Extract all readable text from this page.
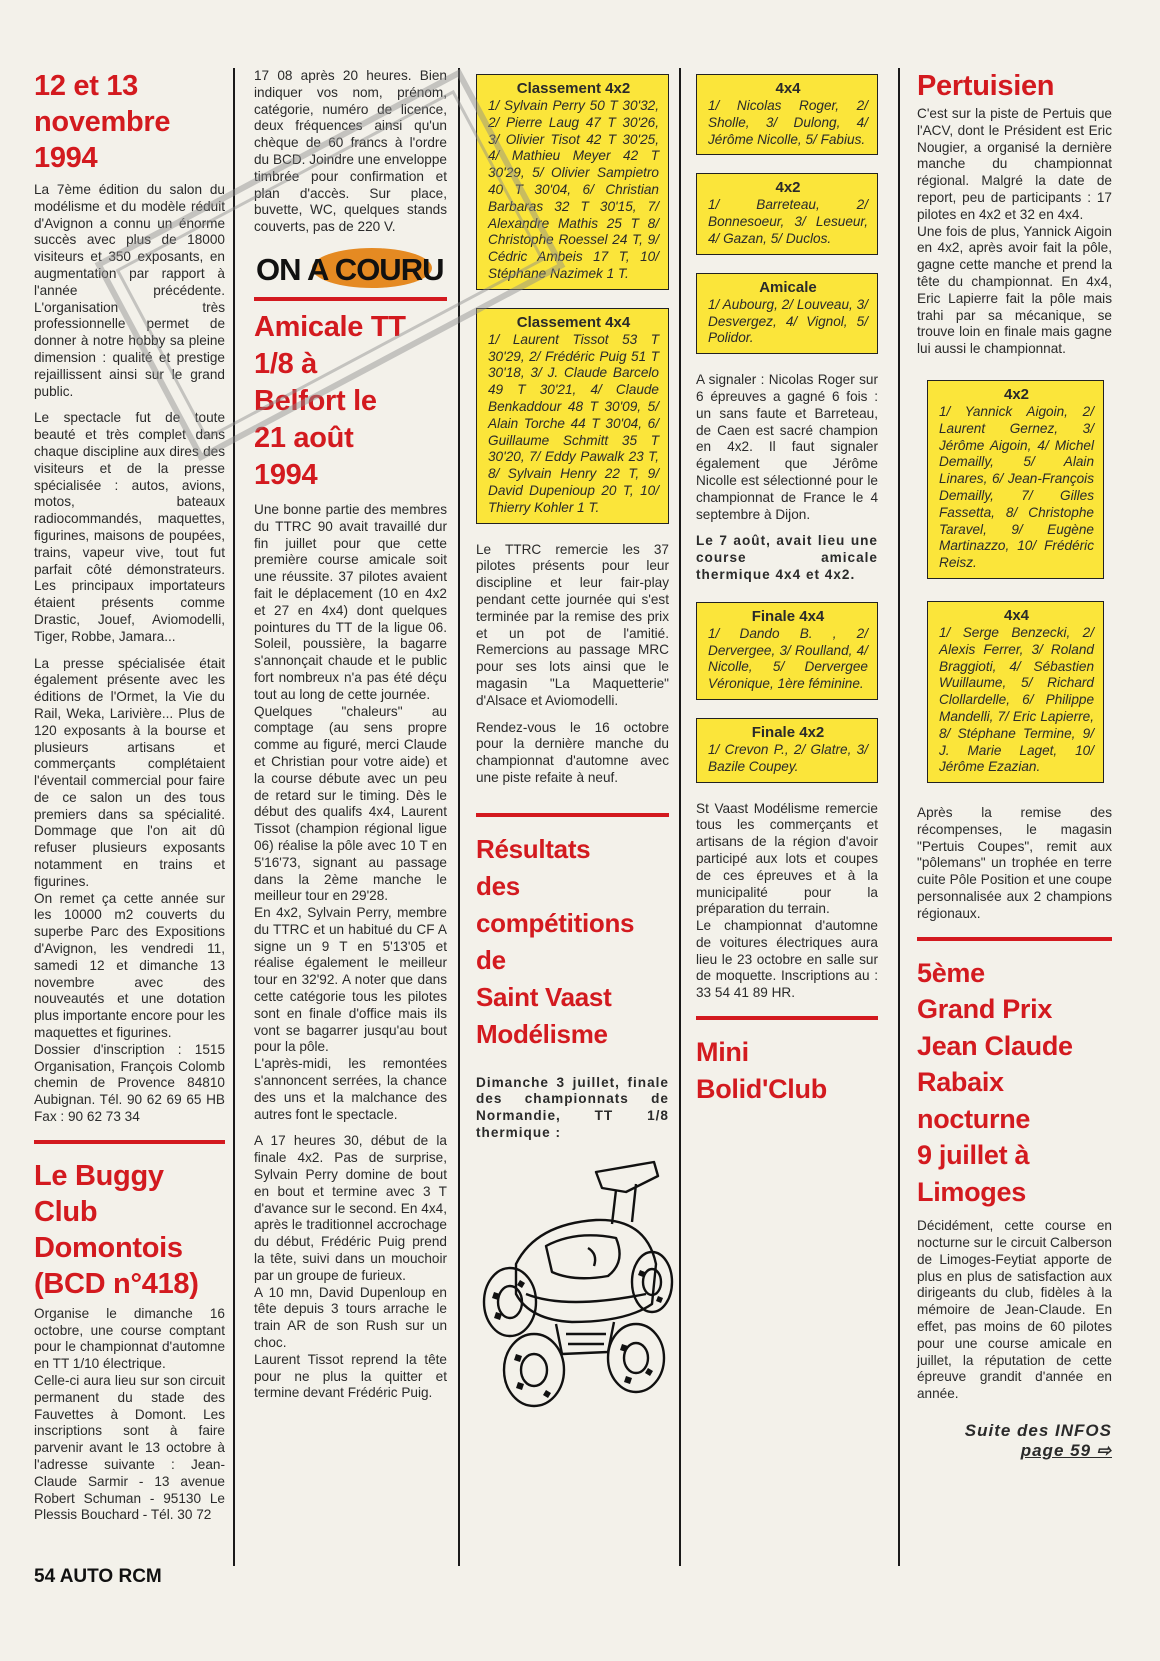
12 et 13
novembre
1994

La 7ème édition du salon du modélisme et du modèle réduit d'Avignon a connu un énorme succès avec plus de 18000 visiteurs et 350 exposants, en augmentation par rapport à l'année précédente. L'organisation très professionnelle permet de donner à notre hobby sa pleine dimension : qualité et prestige rejaillissent ainsi sur le grand public.

Le spectacle fut de toute beauté et très complet dans chaque discipline aux dires des visiteurs et de la presse spécialisée : autos, avions, motos, bateaux radiocommandés, maquettes, figurines, maisons de poupées, trains, vapeur vive, tout fut parfait côté démonstrateurs. Les principaux importateurs étaient présents comme Drastic, Jouef, Aviomodelli, Tiger, Robbe, Jamara...

La presse spécialisée était également présente avec les éditions de l'Ormet, la Vie du Rail, Weka, Larivière... Plus de 120 exposants à la bourse et plusieurs artisans et commerçants complétaient l'éventail commercial pour faire de ce salon un des tous premiers dans sa spécialité. Dommage que l'on ait dû refuser plusieurs exposants notamment en trains et figurines.

On remet ça cette année sur les 10000 m2 couverts du superbe Parc des Expositions d'Avignon, les vendredi 11, samedi 12 et dimanche 13 novembre avec des nouveautés et une dotation plus importante encore pour les maquettes et figurines.

Dossier d'inscription : 1515 Organisation, François Colomb chemin de Provence 84810 Aubignan. Tél. 90 62 69 65 HB Fax : 90 62 73 34

Le Buggy
Club
Domontois
(BCD n°418)

Organise le dimanche 16 octobre, une course comptant pour le championnat d'automne en TT 1/10 électrique.

Celle-ci aura lieu sur son circuit permanent du stade des Fauvettes à Domont. Les inscriptions sont à faire parvenir avant le 13 octobre à l'adresse suivante : Jean-Claude Sarmir - 13 avenue Robert Schuman - 95130 Le Plessis Bouchard - Tél. 30 72

17 08 après 20 heures. Bien indiquer vos nom, prénom, catégorie, numéro de licence, deux fréquences ainsi qu'un chèque de 60 francs à l'ordre du BCD. Joindre une enveloppe timbrée pour confirmation et plan d'accès. Sur place, buvette, WC, quelques stands couverts, pas de 220 V.

ON A COURU
Amicale TT
1/8 à
Belfort le
21 août
1994

Une bonne partie des membres du TTRC 90 avait travaillé dur fin juillet pour que cette première course amicale soit une réussite. 37 pilotes avaient fait le déplacement (10 en 4x2 et 27 en 4x4) dont quelques pointures du TT de la ligue 06. Soleil, poussière, la bagarre s'annonçait chaude et le public fort nombreux n'a pas été déçu tout au long de cette journée.

Quelques "chaleurs" au comptage (au sens propre comme au figuré, merci Claude et Christian pour votre aide) et la course débute avec un peu de retard sur le timing. Dès le début des qualifs 4x4, Laurent Tissot (champion régional ligue 06) réalise la pôle avec 10 T en 5'16'73, signant au passage dans la 2ème manche le meilleur tour en 29'28.

En 4x2, Sylvain Perry, membre du TTRC et un habitué du CF A signe un 9 T en 5'13'05 et réalise également le meilleur tour en 32'92. A noter que dans cette catégorie tous les pilotes sont en finale d'office mais ils vont se bagarrer jusqu'au bout pour la pôle.

L'après-midi, les remontées s'annoncent serrées, la chance des uns et la malchance des autres font le spectacle.

A 17 heures 30, début de la finale 4x2. Pas de surprise, Sylvain Perry domine de bout en bout et termine avec 3 T d'avance sur le second. En 4x4, après le traditionnel accrochage du début, Frédéric Puig prend la tête, suivi dans un mouchoir par un groupe de furieux.

A 10 mn, David Dupenloup en tête depuis 3 tours arrache le train AR de son Rush sur un choc.

Laurent Tissot reprend la tête pour ne plus la quitter et termine devant Frédéric Puig.

Classement 4x2
1/ Sylvain Perry 50 T 30'32, 2/ Pierre Laug 47 T 30'26, 3/ Olivier Tisot 42 T 30'25, 4/ Mathieu Meyer 42 T 30'29, 5/ Olivier Sampietro 40 T 30'04, 6/ Christian Barbaras 32 T 30'15, 7/ Alexandre Mathis 25 T 8/ Christophe Roessel 24 T, 9/ Cédric Ambeis 17 T, 10/ Stéphane Nazimek 1 T.
Classement 4x4
1/ Laurent Tissot 53 T 30'29, 2/ Frédéric Puig 51 T 30'18, 3/ J. Claude Barcelo 49 T 30'21, 4/ Claude Benkaddour 48 T 30'09, 5/ Alain Torche 44 T 30'04, 6/ Guillaume Schmitt 35 T 30'20, 7/ Eddy Pawalk 23 T, 8/ Sylvain Henry 22 T, 9/ David Dupenioup 20 T, 10/ Thierry Kohler 1 T.

Le TTRC remercie les 37 pilotes présents pour leur discipline et leur fair-play pendant cette journée qui s'est terminée par la remise des prix et un pot de l'amitié. Remercions au passage MRC pour ses lots ainsi que le magasin "La Maquetterie" d'Alsace et Aviomodelli.

Rendez-vous le 16 octobre pour la dernière manche du championnat d'automne avec une piste refaite à neuf.

Résultats
des
compétitions
de
Saint Vaast
Modélisme

Dimanche 3 juillet, finale des championnats de Normandie, TT 1/8 thermique :

4x4
1/ Nicolas Roger, 2/ Sholle, 3/ Dulong, 4/ Jérôme Nicolle, 5/ Fabius.
4x2
1/ Barreteau, 2/ Bonnesoeur, 3/ Lesueur, 4/ Gazan, 5/ Duclos.
Amicale
1/ Aubourg, 2/ Louveau, 3/ Desvergez, 4/ Vignol, 5/ Polidor.

A signaler : Nicolas Roger sur 6 épreuves a gagné 6 fois : un sans faute et Barreteau, de Caen est sacré champion en 4x2. Il faut signaler également que Jérôme Nicolle est sélectionné pour le championnat de France le 4 septembre à Dijon.

Le 7 août, avait lieu une course amicale thermique 4x4 et 4x2.

Finale 4x4
1/ Dando B. , 2/ Dervergee, 3/ Roulland, 4/ Nicolle, 5/ Dervergee Véronique, 1ère féminine.
Finale 4x2
1/ Crevon P., 2/ Glatre, 3/ Bazile Coupey.

St Vaast Modélisme remercie tous les commerçants et artisans de la région d'avoir participé aux lots et coupes de ces épreuves et à la municipalité pour la préparation du terrain.

Le championnat d'automne de voitures électriques aura lieu le 23 octobre en salle sur de moquette. Inscriptions au : 33 54 41 89 HR.

Mini
Bolid'Club
Pertuisien

C'est sur la piste de Pertuis que l'ACV, dont le Président est Eric Nougier, a organisé la dernière manche du championnat régional. Malgré la date de report, peu de participants : 17 pilotes en 4x2 et 32 en 4x4.

Une fois de plus, Yannick Aigoin en 4x2, après avoir fait la pôle, gagne cette manche et prend la tête du championnat. En 4x4, Eric Lapierre fait la pôle mais trahi par sa mécanique, se trouve loin en finale mais gagne lui aussi le championnat.

4x2
1/ Yannick Aigoin, 2/ Laurent Gernez, 3/ Jérôme Aigoin, 4/ Michel Demailly, 5/ Alain Linares, 6/ Jean-François Demailly, 7/ Gilles Fassetta, 8/ Christophe Taravel, 9/ Eugène Martinazzo, 10/ Frédéric Reisz.
4x4
1/ Serge Benzecki, 2/ Alexis Ferrer, 3/ Roland Braggioti, 4/ Sébastien Wuillaume, 5/ Richard Clollardelle, 6/ Philippe Mandelli, 7/ Eric Lapierre, 8/ Stéphane Termine, 9/ J. Marie Laget, 10/ Jérôme Ezazian.

Après la remise des récompenses, le magasin "Pertuis Coupes", remit aux "pôlemans" un trophée en terre cuite Pôle Position et une coupe personnalisée aux 2 champions régionaux.

5ème
Grand Prix
Jean Claude
Rabaix
nocturne
9 juillet à
Limoges

Décidément, cette course en nocturne sur le circuit Calberson de Limoges-Feytiat apporte de plus en plus de satisfaction aux dirigeants du club, fidèles à la mémoire de Jean-Claude. En effet, pas moins de 60 pilotes pour une course amicale en juillet, la réputation de cette épreuve grandit d'année en année.

Suite des INFOS
page 59 ⇨
54 AUTO RCM
